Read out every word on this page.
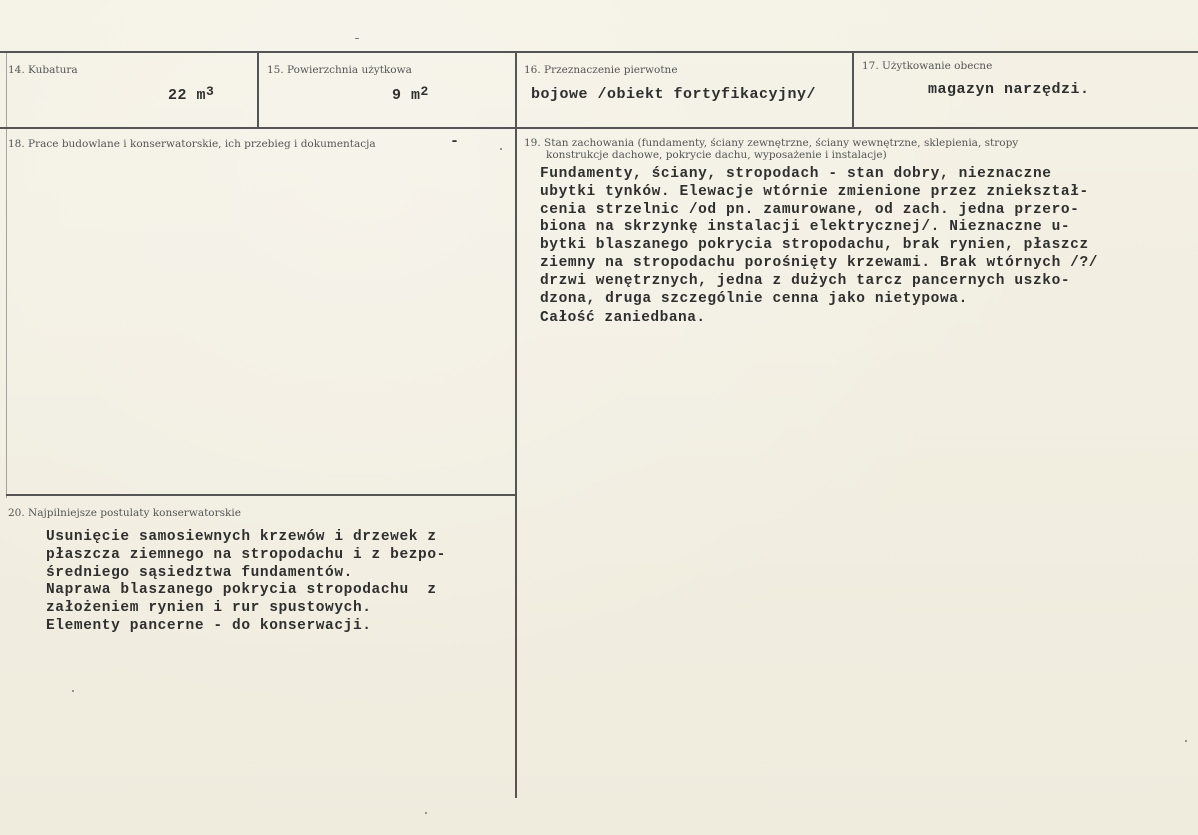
14. Kubatura
22 $m^3$
15. Powierzchnia użytkowa
9 $m^2$
16. Przeznaczenie pierwotne
bojowe /obiekt fortyfikacyjny/
17. Użytkowanie obecne
magazyn narzędzi.
18. Prace budowlane i konserwatorskie, ich przebieg i dokumentacja	-	19. Stan zachowania (fundamenty, ściany zewnętrzne, ściany wewnętrzne, sklepienia, stropy
konstrukcje dachowe, pokrycie dachu, wyposażenie i instalacje)
Fundamenty, ściany, stropodach - stan dobry, nieznaczne
ubytki tynków. Elewacje wtórnie zmienione przez zniekształ-
cenia strzelnic /od pn. zamurowane, od zach. jedna przero-
biona na skrzynkę instalacji elektrycznej/. Nieznaczne u-
bytki blaszanego pokrycia stropodachu, brak rynien, płaszcz
ziemny na stropodachu porośnięty krzewami. Brak wtórnych /?/
drzwi wenętrznych, jedna z dużych tarcz pancernych uszko-
dzona, druga szczególnie cenna jako nietypowa.
Całość zaniedbana.
20. Najpilniejsze postulaty konserwatorskie
Usunięcie samosiewnych krzewów i drzewek z
płaszcza ziemnego na stropodachu i z bezpo-
średniego sąsiedztwa fundamentów.
Naprawa blaszanego pokrycia stropodachu  z
założeniem rynien i rur spustowych.
Elementy pancerne - do konserwacji.
